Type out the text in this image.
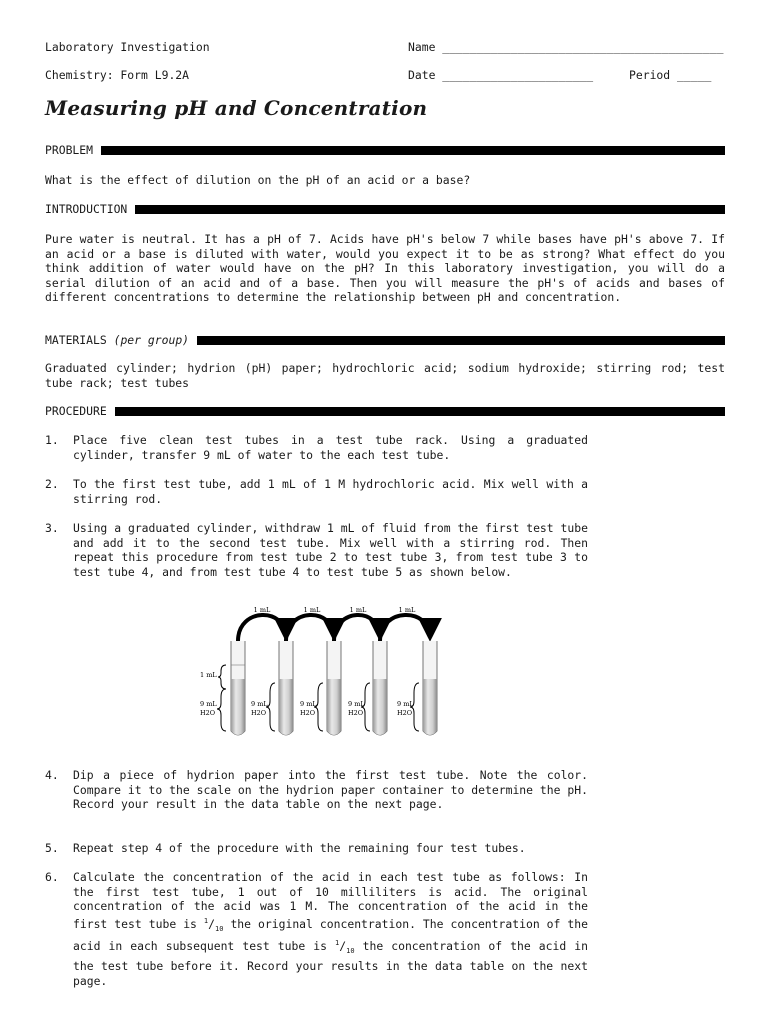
Laboratory Investigation	Name _________________________________________
Chemistry: Form L9.2A	Date ______________________	Period _____
Measuring pH and Concentration
PROBLEM
What is the effect of dilution on the pH of an acid or a base?
INTRODUCTION
Pure water is neutral. It has a pH of 7. Acids have pH's below 7 while bases have pH's above 7. If an acid or a base is diluted with water, would you expect it to be as strong? What effect do you think addition of water would have on the pH? In this laboratory investigation, you will do a serial dilution of an acid and of a base. Then you will measure the pH's of acids and bases of different concentrations to determine the relationship between pH and concentration.
MATERIALS (per group)
Graduated cylinder; hydrion (pH) paper; hydrochloric acid; sodium hydroxide; stirring rod; test tube rack; test tubes
PROCEDURE
1. Place five clean test tubes in a test tube rack. Using a graduated cylinder, transfer 9 mL of water to the each test tube.
2. To the first test tube, add 1 mL of 1 M hydrochloric acid. Mix well with a stirring rod.
3. Using a graduated cylinder, withdraw 1 mL of fluid from the first test tube and add it to the second test tube. Mix well with a stirring rod. Then repeat this procedure from test tube 2 to test tube 3, from test tube 3 to test tube 4, and from test tube 4 to test tube 5 as shown below.
1 mL	1 mL	1 mL	1 mL
1 mL
9 mL
H2O
9 mL
H2O
9 mL
H2O
9 mL
H2O
9 mL
H2O
4. Dip a piece of hydrion paper into the first test tube. Note the color. Compare it to the scale on the hydrion paper container to determine the pH. Record your result in the data table on the next page.
5. Repeat step 4 of the procedure with the remaining four test tubes.
6. Calculate the concentration of the acid in each test tube as follows: In the first test tube, 1 out of 10 milliliters is acid. The original concentration of the acid was 1 M. The concentration of the acid in the first test tube is $^1/_{10}$ the original concentration. The concentration of the acid in each subsequent test tube is $^1/_{10}$ the concentration of the acid in the test tube before it. Record your results in the data table on the next page.
